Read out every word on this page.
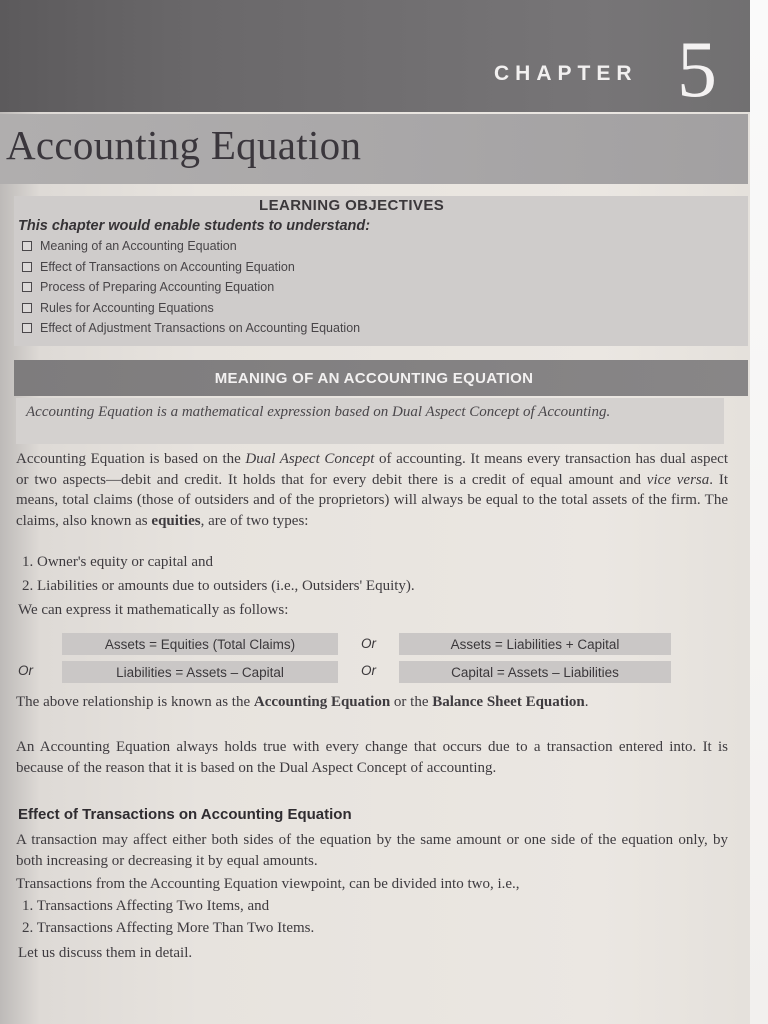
CHAPTER 5
Accounting Equation
LEARNING OBJECTIVES
This chapter would enable students to understand:
Meaning of an Accounting Equation
Effect of Transactions on Accounting Equation
Process of Preparing Accounting Equation
Rules for Accounting Equations
Effect of Adjustment Transactions on Accounting Equation
MEANING OF AN ACCOUNTING EQUATION
Accounting Equation is a mathematical expression based on Dual Aspect Concept of Accounting.
Accounting Equation is based on the Dual Aspect Concept of accounting. It means every transaction has dual aspect or two aspects—debit and credit. It holds that for every debit there is a credit of equal amount and vice versa. It means, total claims (those of outsiders and of the proprietors) will always be equal to the total assets of the firm. The claims, also known as equities, are of two types:
1. Owner's equity or capital and
2. Liabilities or amounts due to outsiders (i.e., Outsiders' Equity).
We can express it mathematically as follows:
Assets = Equities (Total Claims)	Or	Assets = Liabilities + Capital
Or	Liabilities = Assets – Capital	Or	Capital = Assets – Liabilities
The above relationship is known as the Accounting Equation or the Balance Sheet Equation.
An Accounting Equation always holds true with every change that occurs due to a transaction entered into. It is because of the reason that it is based on the Dual Aspect Concept of accounting.
Effect of Transactions on Accounting Equation
A transaction may affect either both sides of the equation by the same amount or one side of the equation only, by both increasing or decreasing it by equal amounts.
Transactions from the Accounting Equation viewpoint, can be divided into two, i.e.,
1. Transactions Affecting Two Items, and
2. Transactions Affecting More Than Two Items.
Let us discuss them in detail.
